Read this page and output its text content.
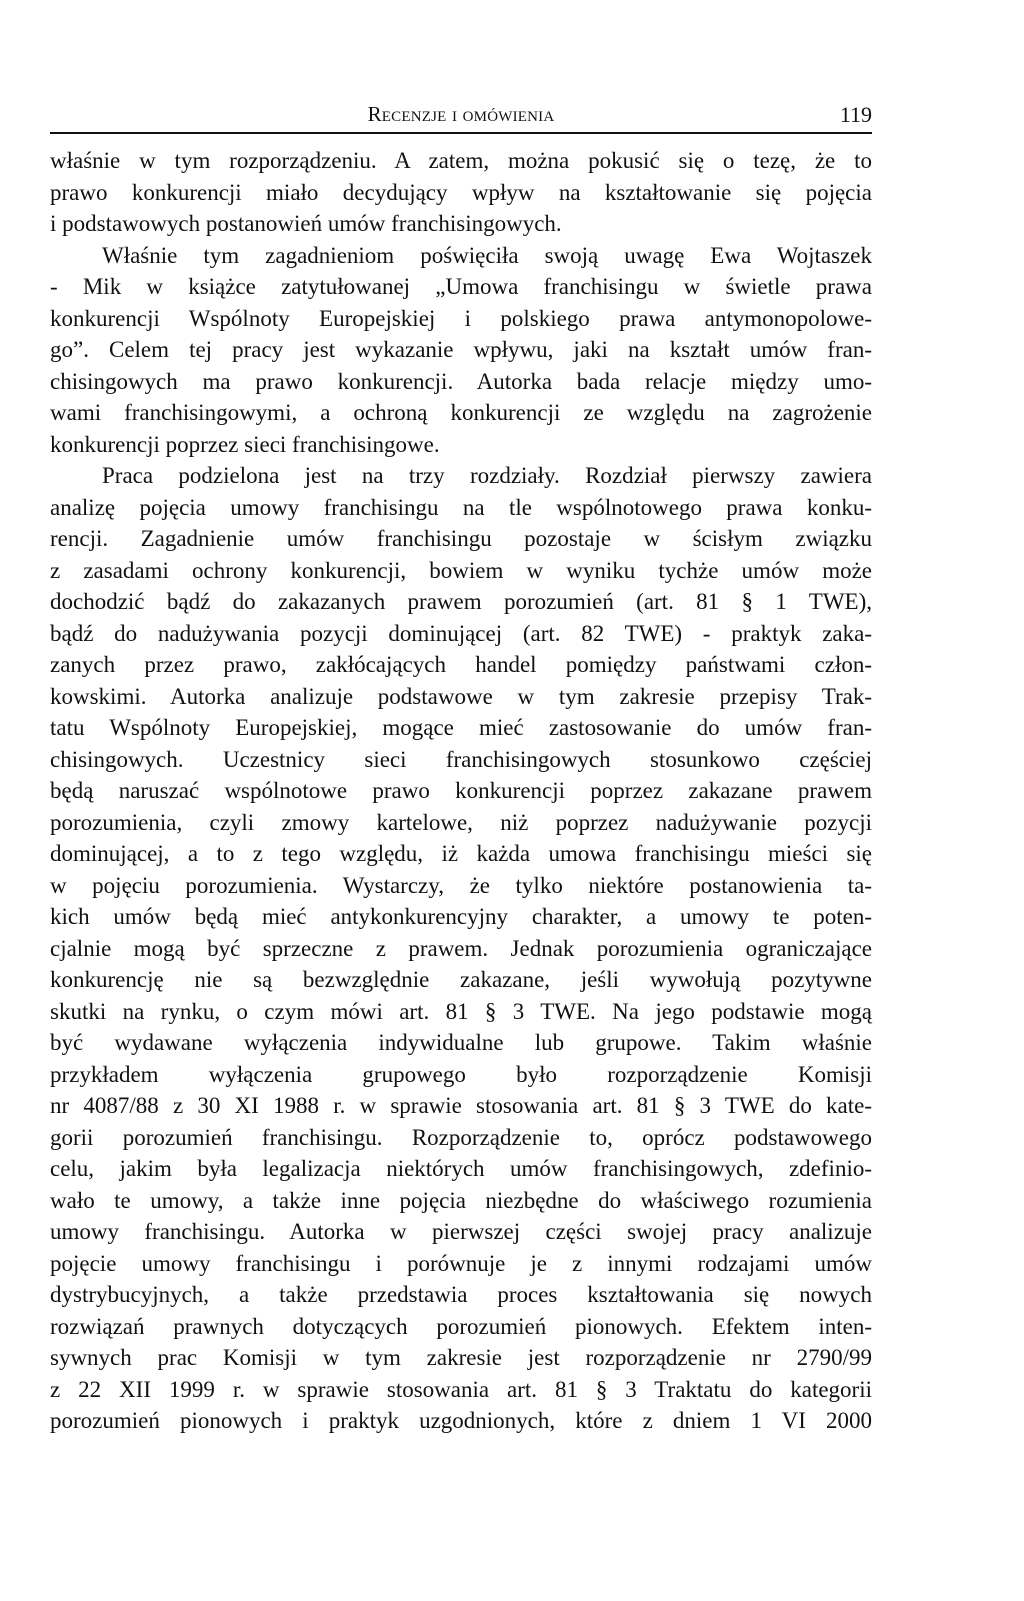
Recenzje i omówienia	119
właśnie w tym rozporządzeniu. A zatem, można pokusić się o tezę, że to
prawo konkurencji miało decydujący wpływ na kształtowanie się pojęcia
i podstawowych postanowień umów franchisingowych.
Właśnie tym zagadnieniom poświęciła swoją uwagę Ewa Wojtaszek
- Mik w książce zatytułowanej „Umowa franchisingu w świetle prawa
konkurencji Wspólnoty Europejskiej i polskiego prawa antymonopolowe-
go”. Celem tej pracy jest wykazanie wpływu, jaki na kształt umów fran-
chisingowych ma prawo konkurencji. Autorka bada relacje między umo-
wami franchisingowymi, a ochroną konkurencji ze względu na zagrożenie
konkurencji poprzez sieci franchisingowe.
Praca podzielona jest na trzy rozdziały. Rozdział pierwszy zawiera
analizę pojęcia umowy franchisingu na tle wspólnotowego prawa konku-
rencji. Zagadnienie umów franchisingu pozostaje w ścisłym związku
z zasadami ochrony konkurencji, bowiem w wyniku tychże umów może
dochodzić bądź do zakazanych prawem porozumień (art. 81 § 1 TWE),
bądź do nadużywania pozycji dominującej (art. 82 TWE) - praktyk zaka-
zanych przez prawo, zakłócających handel pomiędzy państwami człon-
kowskimi. Autorka analizuje podstawowe w tym zakresie przepisy Trak-
tatu Wspólnoty Europejskiej, mogące mieć zastosowanie do umów fran-
chisingowych. Uczestnicy sieci franchisingowych stosunkowo częściej
będą naruszać wspólnotowe prawo konkurencji poprzez zakazane prawem
porozumienia, czyli zmowy kartelowe, niż poprzez nadużywanie pozycji
dominującej, a to z tego względu, iż każda umowa franchisingu mieści się
w pojęciu porozumienia. Wystarczy, że tylko niektóre postanowienia ta-
kich umów będą mieć antykonkurencyjny charakter, a umowy te poten-
cjalnie mogą być sprzeczne z prawem. Jednak porozumienia ograniczające
konkurencję nie są bezwzględnie zakazane, jeśli wywołują pozytywne
skutki na rynku, o czym mówi art. 81 § 3 TWE. Na jego podstawie mogą
być wydawane wyłączenia indywidualne lub grupowe. Takim właśnie
przykładem wyłączenia grupowego było rozporządzenie Komisji
nr 4087/88 z 30 XI 1988 r. w sprawie stosowania art. 81 § 3 TWE do kate-
gorii porozumień franchisingu. Rozporządzenie to, oprócz podstawowego
celu, jakim była legalizacja niektórych umów franchisingowych, zdefinio-
wało te umowy, a także inne pojęcia niezbędne do właściwego rozumienia
umowy franchisingu. Autorka w pierwszej części swojej pracy analizuje
pojęcie umowy franchisingu i porównuje je z innymi rodzajami umów
dystrybucyjnych, a także przedstawia proces kształtowania się nowych
rozwiązań prawnych dotyczących porozumień pionowych. Efektem inten-
sywnych prac Komisji w tym zakresie jest rozporządzenie nr 2790/99
z 22 XII 1999 r. w sprawie stosowania art. 81 § 3 Traktatu do kategorii
porozumień pionowych i praktyk uzgodnionych, które z dniem 1 VI 2000
